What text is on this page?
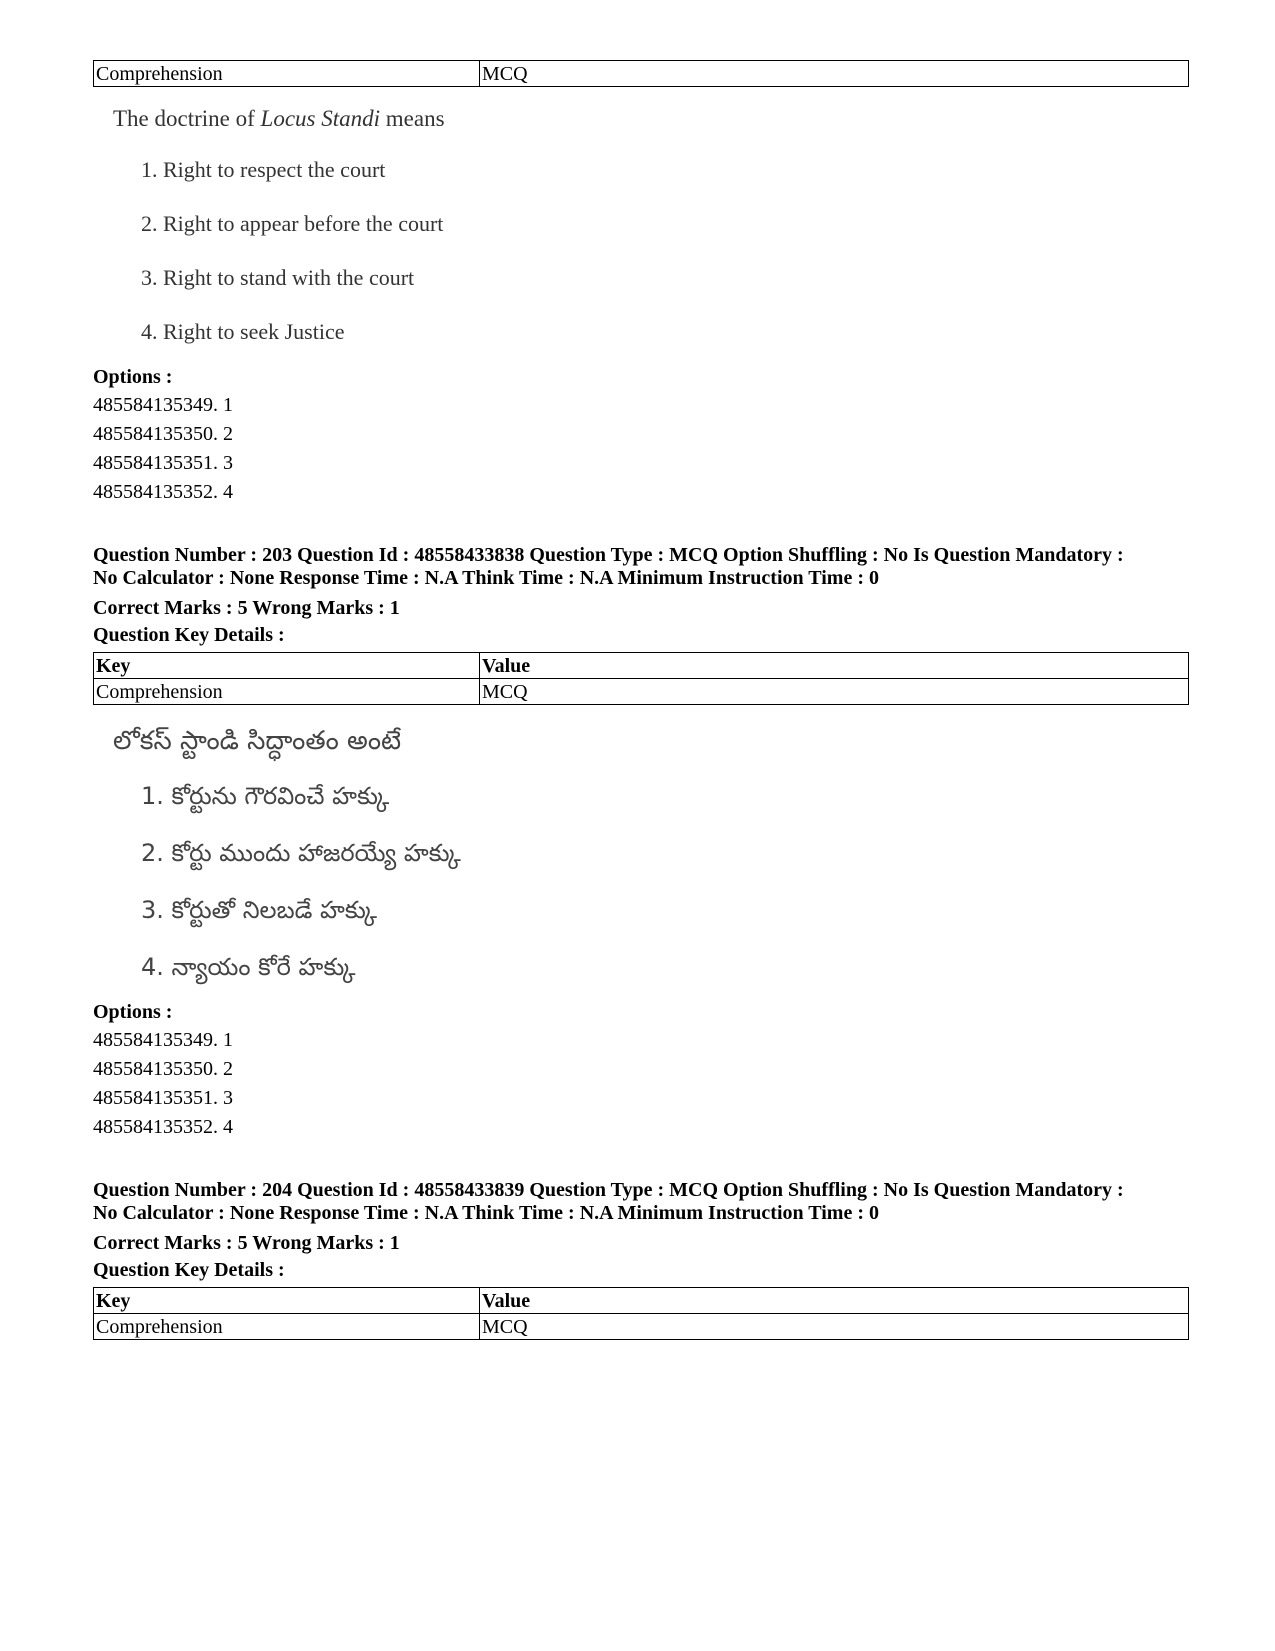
Comprehension	MCQ
The doctrine of Locus Standi means
1. Right to respect the court
2. Right to appear before the court
3. Right to stand with the court
4. Right to seek Justice
Options :
485584135349. 1
485584135350. 2
485584135351. 3
485584135352. 4
Question Number : 203 Question Id : 48558433838 Question Type : MCQ Option Shuffling : No Is Question Mandatory :
No Calculator : None Response Time : N.A Think Time : N.A Minimum Instruction Time : 0
Correct Marks : 5 Wrong Marks : 1
Question Key Details :
Key	Value
Comprehension	MCQ
లోకస్ స్టాండి సిద్ధాంతం అంటే
1. కోర్టును గౌరవించే హక్కు
2. కోర్టు ముందు హాజరయ్యే హక్కు
3. కోర్టుతో నిలబడే హక్కు
4. న్యాయం కోరే హక్కు
Options :
485584135349. 1
485584135350. 2
485584135351. 3
485584135352. 4
Question Number : 204 Question Id : 48558433839 Question Type : MCQ Option Shuffling : No Is Question Mandatory :
No Calculator : None Response Time : N.A Think Time : N.A Minimum Instruction Time : 0
Correct Marks : 5 Wrong Marks : 1
Question Key Details :
Key	Value
Comprehension	MCQ
